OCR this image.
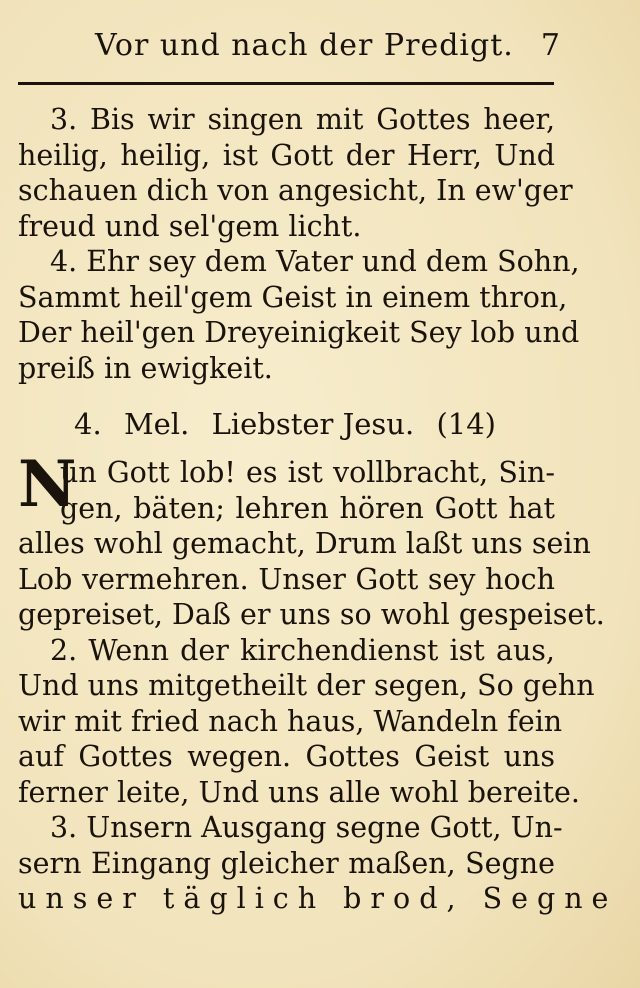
Vor und nach der Predigt. 7
3. Bis wir singen mit Gottes heer,
heilig, heilig, ist Gott der Herr, Und
schauen dich von angesicht, In ew'ger
freud und sel'gem licht.
4. Ehr sey dem Vater und dem Sohn,
Sammt heil'gem Geist in einem thron,
Der heil'gen Dreyeinigkeit Sey lob und
preiß in ewigkeit.
4. Mel. Liebster Jesu. (14)
N
un Gott lob! es ist vollbracht, Sin-
gen, bäten; lehren hören Gott hat
alles wohl gemacht, Drum laßt uns sein
Lob vermehren. Unser Gott sey hoch
gepreiset, Daß er uns so wohl gespeiset.
2. Wenn der kirchendienst ist aus,
Und uns mitgetheilt der segen, So gehn
wir mit fried nach haus, Wandeln fein
auf Gottes wegen. Gottes Geist uns
ferner leite, Und uns alle wohl bereite.
3. Unsern Ausgang segne Gott, Un-
sern Eingang gleicher maßen, Segne
unser täglich brod, Segne
